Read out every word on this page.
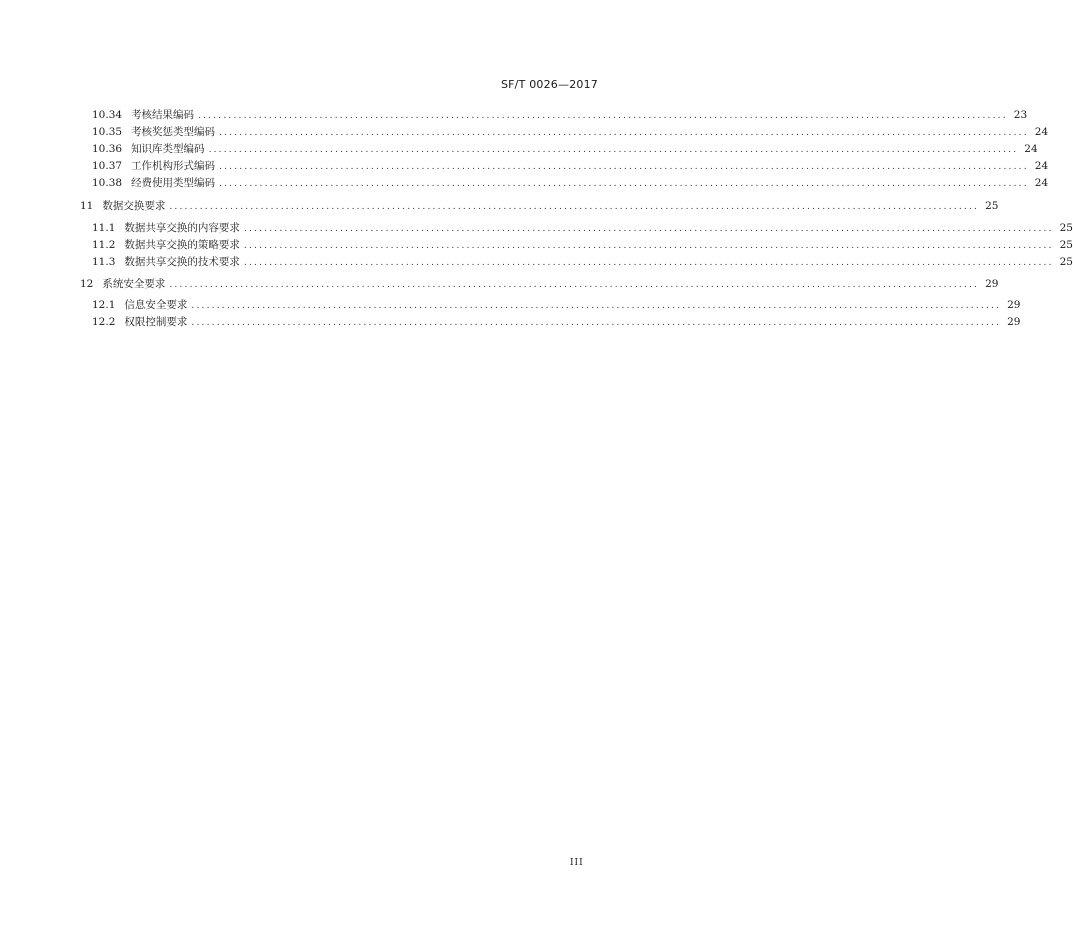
SF/T 0026—2017
10.34 考核结果编码 ................................................................................................................................................................ 23
10.35 考核奖惩类型编码 ................................................................................................................................................................ 24
10.36 知识库类型编码 ................................................................................................................................................................ 24
10.37 工作机构形式编码 ................................................................................................................................................................ 24
10.38 经费使用类型编码 ................................................................................................................................................................ 24
11 数据交换要求 ................................................................................................................................................................ 25
11.1 数据共享交换的内容要求 ................................................................................................................................................................ 25
11.2 数据共享交换的策略要求 ................................................................................................................................................................ 25
11.3 数据共享交换的技术要求 ................................................................................................................................................................ 25
12 系统安全要求 ................................................................................................................................................................ 29
12.1 信息安全要求 ................................................................................................................................................................ 29
12.2 权限控制要求 ................................................................................................................................................................ 29
III
